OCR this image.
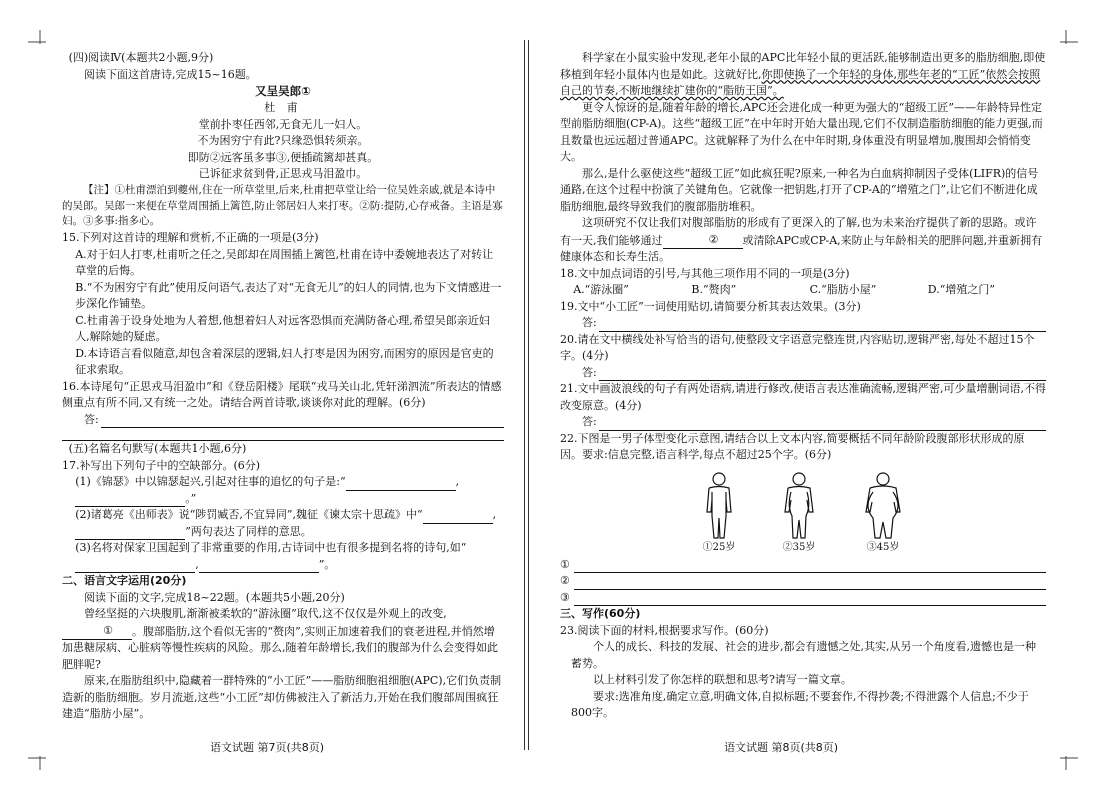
(四)阅读Ⅳ(本题共2小题,9分)

阅读下面这首唐诗,完成15~16题。

又呈吴郎①

杜 甫

堂前扑枣任西邻,无食无儿一妇人。

不为困穷宁有此?只缘恐惧转须亲。

即防②远客虽多事③,便插疏篱却甚真。

已诉征求贫到骨,正思戎马泪盈巾。

【注】①杜甫漂泊到夔州,住在一所草堂里,后来,杜甫把草堂让给一位吴姓亲戚,就是本诗中的吴郎。吴郎一来便在草堂周围插上篱笆,防止邻居妇人来打枣。②防:提防,心存戒备。主语是寡妇。③多事:指多心。

15.下列对这首诗的理解和赏析,不正确的一项是(3分)

A.对于妇人打枣,杜甫听之任之,吴郎却在周围插上篱笆,杜甫在诗中委婉地表达了对转让草堂的后悔。

B.“不为困穷宁有此”使用反问语气,表达了对“无食无儿”的妇人的同情,也为下文情感进一步深化作铺垫。

C.杜甫善于设身处地为人着想,他想着妇人对远客恐惧而充满防备心理,希望吴郎亲近妇人,解除她的疑虑。

D.本诗语言看似随意,却包含着深层的逻辑,妇人打枣是因为困穷,而困穷的原因是官吏的征求索取。

16.本诗尾句“正思戎马泪盈巾”和《登岳阳楼》尾联“戎马关山北,凭轩涕泗流”所表达的情感侧重点有所不同,又有统一之处。请结合两首诗歌,谈谈你对此的理解。(6分)

答:

(五)名篇名句默写(本题共1小题,6分)

17.补写出下列句子中的空缺部分。(6分)

(1)《锦瑟》中以锦瑟起兴,引起对往事的追忆的句子是:“	,
。”

(2)诸葛亮《出师表》说“陟罚臧否,不宜异同”,魏征《谏太宗十思疏》中“	,
”两句表达了同样的意思。

(3)名将对保家卫国起到了非常重要的作用,古诗词中也有很多提到名将的诗句,如“
,	”。

二、语言文字运用(20分)

阅读下面的文字,完成18~22题。(本题共5小题,20分)

曾经坚挺的六块腹肌,渐渐被柔软的“游泳圈”取代,这不仅仅是外观上的改变,① 。腹部脂肪,这个看似无害的“赘肉”,实则正加速着我们的衰老进程,并悄然增加患糖尿病、心脏病等慢性疾病的风险。那么,随着年龄增长,我们的腹部为什么会变得如此肥胖呢?

原来,在脂肪组织中,隐藏着一群特殊的“小工匠”——脂肪细胞祖细胞(APC),它们负责制造新的脂肪细胞。岁月流逝,这些“小工匠”却仿佛被注入了新活力,开始在我们腹部周围疯狂建造“脂肪小屋”。

语文试题 第7页(共8页)

科学家在小鼠实验中发现,老年小鼠的APC比年轻小鼠的更活跃,能够制造出更多的脂肪细胞,即使移植到年轻小鼠体内也是如此。这就好比,你即使换了一个年轻的身体,那些年老的“工匠”依然会按照自己的节奏,不断地继续扩建你的“脂肪王国”。

更令人惊讶的是,随着年龄的增长,APC还会进化成一种更为强大的“超级工匠”——年龄特异性定型前脂肪细胞(CP-A)。这些“超级工匠”在中年时开始大量出现,它们不仅制造脂肪细胞的能力更强,而且数量也远远超过普通APC。这就解释了为什么在中年时期,身体重没有明显增加,腹围却会悄悄变大。

那么,是什么驱使这些“超级工匠”如此疯狂呢?原来,一种名为白血病抑制因子受体(LIFR)的信号通路,在这个过程中扮演了关键角色。它就像一把钥匙,打开了CP-A的“增殖之门”,让它们不断进化成脂肪细胞,最终导致我们的腹部脂肪堆积。

这项研究不仅让我们对腹部脂肪的形成有了更深入的了解,也为未来治疗提供了新的思路。或许有一天,我们能够通过	② 或清除APC或CP-A,来防止与年龄相关的肥胖问题,并重新拥有健康体态和长寿生活。

18.文中加点词语的引号,与其他三项作用不同的一项是(3分)

A.“游泳圈”	B.“赘肉”	C.“脂肪小屋”	D.“增殖之门”

19.文中“小工匠”一词使用贴切,请简要分析其表达效果。(3分)

答:

20.请在文中横线处补写恰当的语句,使整段文字语意完整连贯,内容贴切,逻辑严密,每处不超过15个字。(4分)

答:

21.文中画波浪线的句子有两处语病,请进行修改,使语言表达准确流畅,逻辑严密,可少量增删词语,不得改变原意。(4分)

答:

22.下图是一男子体型变化示意图,请结合以上文本内容,简要概括不同年龄阶段腹部形状形成的原因。要求:信息完整,语言科学,每点不超过25个字。(6分)

①25岁	②35岁	③45岁
①
②
③

三、写作(60分)

23.阅读下面的材料,根据要求写作。(60分)

个人的成长、科技的发展、社会的进步,都会有遗憾之处,其实,从另一个角度看,遗憾也是一种蓄势。

以上材料引发了你怎样的联想和思考?请写一篇文章。

要求:选准角度,确定立意,明确文体,自拟标题;不要套作,不得抄袭;不得泄露个人信息;不少于800字。

语文试题 第8页(共8页)
